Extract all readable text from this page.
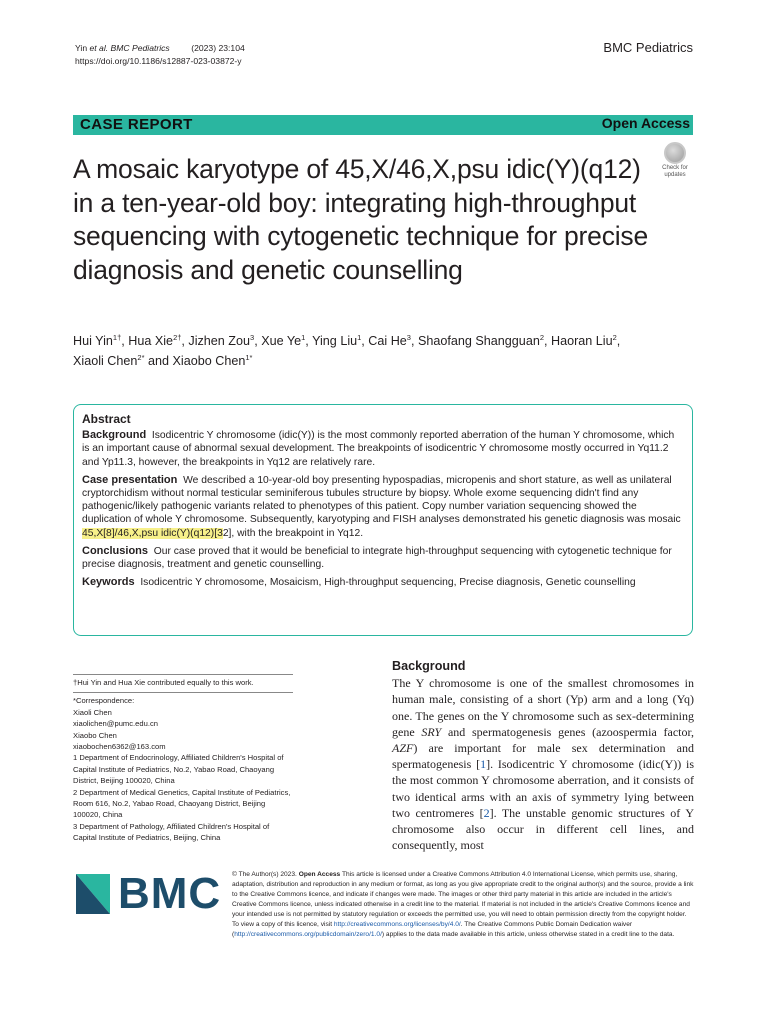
Yin et al. BMC Pediatrics	(2023) 23:104
https://doi.org/10.1186/s12887-023-03872-y
BMC Pediatrics
CASE REPORT	Open Access
A mosaic karyotype of 45,X/46,X,psu idic(Y)(q12) in a ten-year-old boy: integrating high-throughput sequencing with cytogenetic technique for precise diagnosis and genetic counselling
Check for updates
Hui Yin$^{1\dagger}$, Hua Xie$^{2\dagger}$, Jizhen Zou$^3$, Xue Ye$^1$, Ying Liu$^1$, Cai He$^3$, Shaofang Shangguan$^2$, Haoran Liu$^2$, Xiaoli Chen$^{2*}$ and Xiaobo Chen$^{1*}$
Abstract

Background Isodicentric Y chromosome (idic(Y)) is the most commonly reported aberration of the human Y chromosome, which is an important cause of abnormal sexual development. The breakpoints of isodicentric Y chromosome mostly occurred in Yq11.2 and Yp11.3, however, the breakpoints in Yq12 are relatively rare.

Case presentation We described a 10-year-old boy presenting hypospadias, micropenis and short stature, as well as unilateral cryptorchidism without normal testicular seminiferous tubules structure by biopsy. Whole exome sequencing didn't find any pathogenic/likely pathogenic variants related to phenotypes of this patient. Copy number variation sequencing showed the duplication of whole Y chromosome. Subsequently, karyotyping and FISH analyses demonstrated his genetic diagnosis was mosaic 45,X[8]/46,X,psu idic(Y)(q12)[32], with the breakpoint in Yq12.

Conclusions Our case proved that it would be beneficial to integrate high-throughput sequencing with cytogenetic technique for precise diagnosis, treatment and genetic counselling.

Keywords Isodicentric Y chromosome, Mosaicism, High-throughput sequencing, Precise diagnosis, Genetic counselling

†Hui Yin and Hua Xie contributed equally to this work.
*Correspondence:
Xiaoli Chen
xiaolichen@pumc.edu.cn
Xiaobo Chen
xiaobochen6362@163.com
1 Department of Endocrinology, Affiliated Children's Hospital of Capital Institute of Pediatrics, No.2, Yabao Road, Chaoyang District, Beijing 100020, China
2 Department of Medical Genetics, Capital Institute of Pediatrics, Room 616, No.2, Yabao Road, Chaoyang District, Beijing 100020, China
3 Department of Pathology, Affiliated Children's Hospital of Capital Institute of Pediatrics, Beijing, China
Background

The Y chromosome is one of the smallest chromosomes in human male, consisting of a short (Yp) arm and a long (Yq) one. The genes on the Y chromosome such as sex-determining gene SRY and spermatogenesis genes (azoospermia factor, AZF) are important for male sex determination and spermatogenesis [1]. Isodicentric Y chromosome (idic(Y)) is the most common Y chromosome aberration, and it consists of two identical arms with an axis of symmetry lying between two centromeres [2]. The unstable genomic structures of Y chromosome also occur in different cell lines, and consequently, most

BMC © The Author(s) 2023. Open Access This article is licensed under a Creative Commons Attribution 4.0 International License, which permits use, sharing, adaptation, distribution and reproduction in any medium or format, as long as you give appropriate credit to the original author(s) and the source, provide a link to the Creative Commons licence, and indicate if changes were made. The images or other third party material in this article are included in the article's Creative Commons licence, unless indicated otherwise in a credit line to the material. If material is not included in the article's Creative Commons licence and your intended use is not permitted by statutory regulation or exceeds the permitted use, you will need to obtain permission directly from the copyright holder. To view a copy of this licence, visit http://creativecommons.org/licenses/by/4.0/. The Creative Commons Public Domain Dedication waiver (http://creativecommons.org/publicdomain/zero/1.0/) applies to the data made available in this article, unless otherwise stated in a credit line to the data.
